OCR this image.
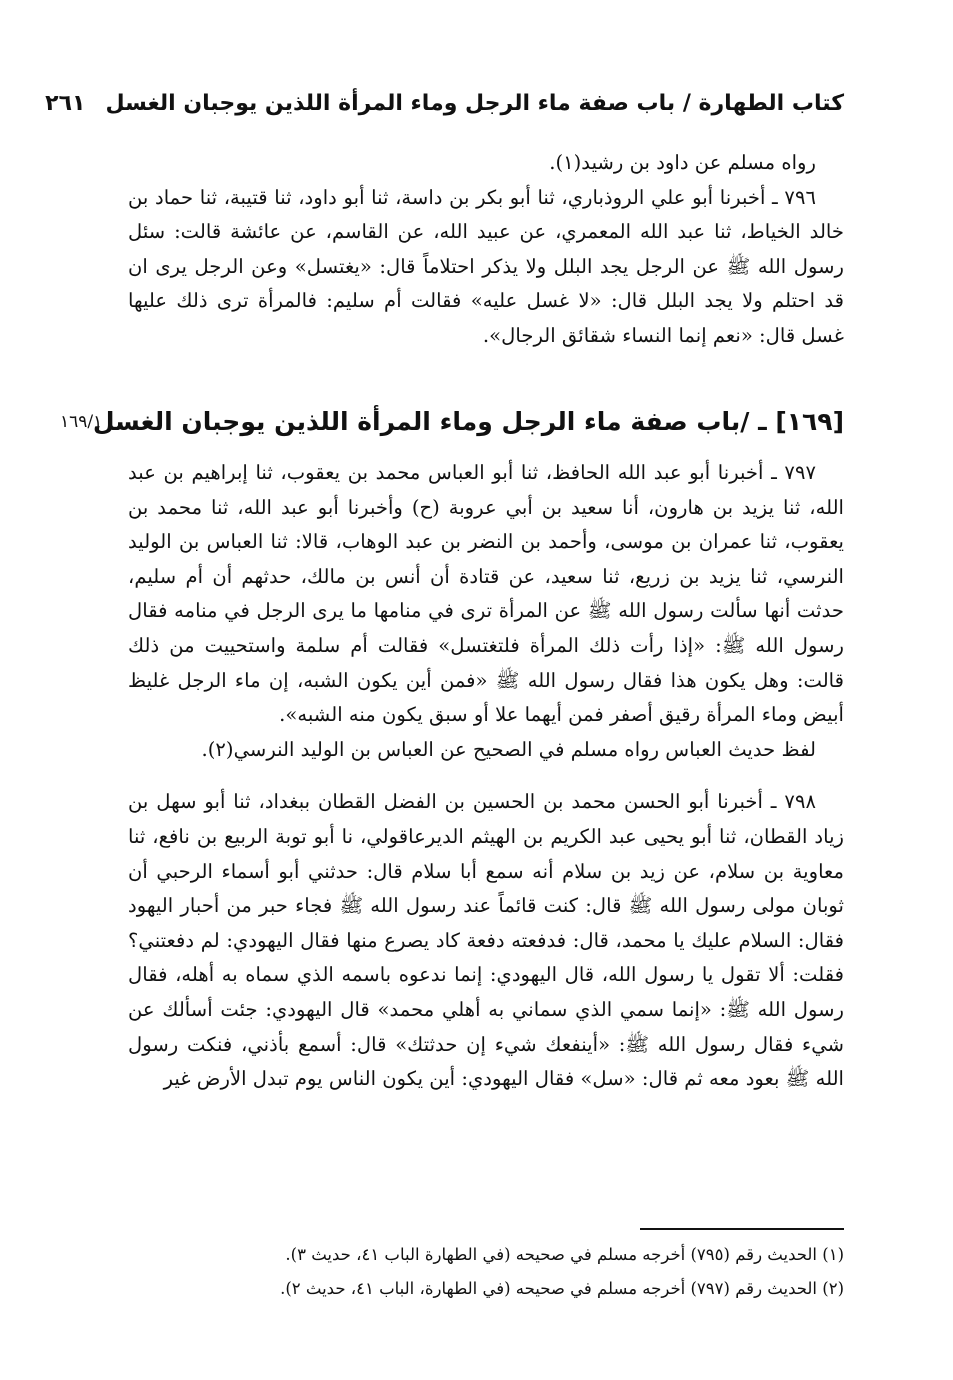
كتاب الطهارة / باب صفة ماء الرجل وماء المرأة اللذين يوجبان الغسل
٢٦١

رواه مسلم عن داود بن رشيد(١).

٧٩٦ ـ أخبرنا أبو علي الروذباري، ثنا أبو بكر بن داسة، ثنا أبو داود، ثنا قتيبة، ثنا حماد بن خالد الخياط، ثنا عبد الله المعمري، عن عبيد الله، عن القاسم، عن عائشة قالت: سئل رسول الله ﷺ عن الرجل يجد البلل ولا يذكر احتلاماً قال: «يغتسل» وعن الرجل يرى ان قد احتلم ولا يجد البلل قال: «لا غسل عليه» فقالت أم سليم: فالمرأة ترى ذلك عليها غسل قال: «نعم إنما النساء شقائق الرجال».

[١٦٩] ـ /باب صفة ماء الرجل وماء المرأة اللذين يوجبان الغسل
١٦٩/١

٧٩٧ ـ أخبرنا أبو عبد الله الحافظ، ثنا أبو العباس محمد بن يعقوب، ثنا إبراهيم بن عبد الله، ثنا يزيد بن هارون، أنا سعيد بن أبي عروبة (ح) وأخبرنا أبو عبد الله، ثنا محمد بن يعقوب، ثنا عمران بن موسى، وأحمد بن النضر بن عبد الوهاب، قالا: ثنا العباس بن الوليد النرسي، ثنا يزيد بن زريع، ثنا سعيد، عن قتادة أن أنس بن مالك، حدثهم أن أم سليم، حدثت أنها سألت رسول الله ﷺ عن المرأة ترى في منامها ما يرى الرجل في منامه فقال رسول الله ﷺ: «إذا رأت ذلك المرأة فلتغتسل» فقالت أم سلمة واستحييت من ذلك قالت: وهل يكون هذا فقال رسول الله ﷺ «فمن أين يكون الشبه، إن ماء الرجل غليظ أبيض وماء المرأة رقيق أصفر فمن أيهما علا أو سبق يكون منه الشبه».

لفظ حديث العباس رواه مسلم في الصحيح عن العباس بن الوليد النرسي(٢).

٧٩٨ ـ أخبرنا أبو الحسن محمد بن الحسين بن الفضل القطان ببغداد، ثنا أبو سهل بن زياد القطان، ثنا أبو يحيى عبد الكريم بن الهيثم الديرعاقولي، نا أبو توبة الربيع بن نافع، ثنا معاوية بن سلام، عن زيد بن سلام أنه سمع أبا سلام قال: حدثني أبو أسماء الرحبي أن ثوبان مولى رسول الله ﷺ قال: كنت قائماً عند رسول الله ﷺ فجاء حبر من أحبار اليهود فقال: السلام عليك يا محمد، قال: فدفعته دفعة كاد يصرع منها فقال اليهودي: لم دفعتني؟ فقلت: ألا تقول يا رسول الله، قال اليهودي: إنما ندعوه باسمه الذي سماه به أهله، فقال رسول الله ﷺ: «إنما سمي الذي سماني به أهلي محمد» قال اليهودي: جئت أسألك عن شيء فقال رسول الله ﷺ: «أينفعك شيء إن حدثتك» قال: أسمع بأذني، فنكت رسول الله ﷺ بعود معه ثم قال: «سل» فقال اليهودي: أين يكون الناس يوم تبدل الأرض غير

(١) الحديث رقم (٧٩٥) أخرجه مسلم في صحيحه (في الطهارة الباب ٤١، حديث ٣).

(٢) الحديث رقم (٧٩٧) أخرجه مسلم في صحيحه (في الطهارة، الباب ٤١، حديث ٢).
